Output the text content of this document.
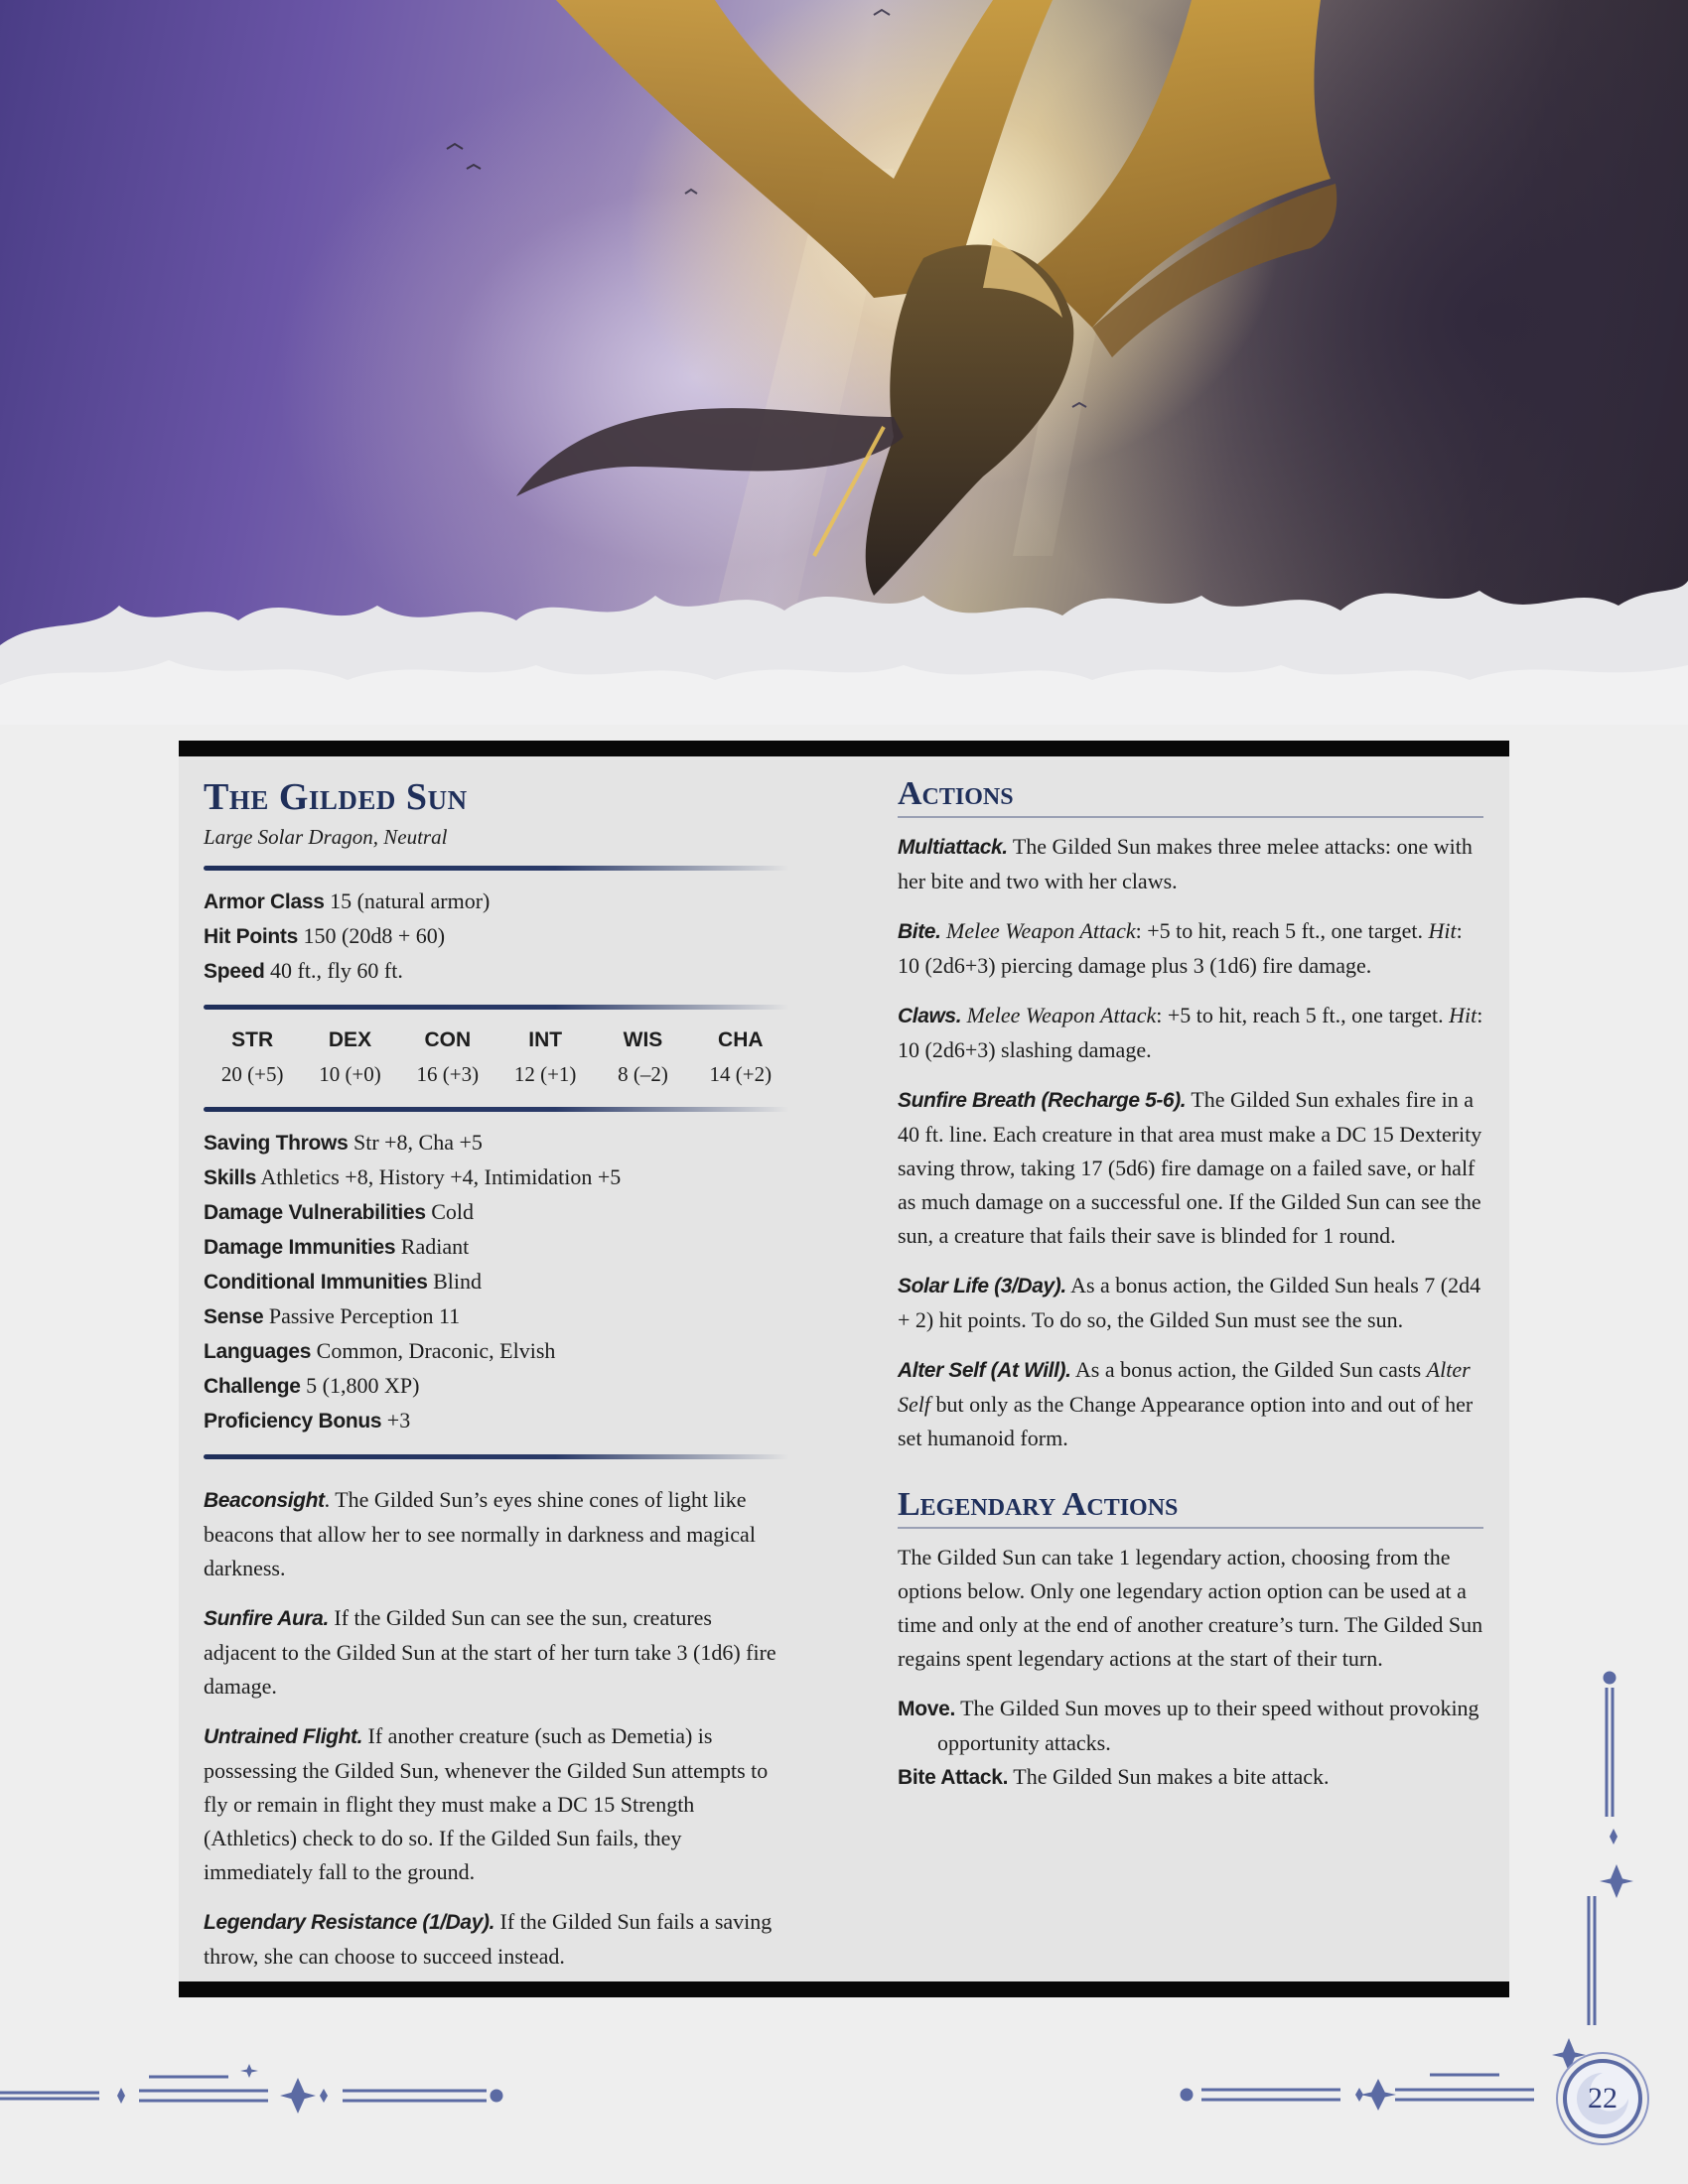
The Gilded Sun
Large Solar Dragon, Neutral
Armor Class 15 (natural armor)
Hit Points 150 (20d8 + 60)
Speed 40 ft., fly 60 ft.
STR
20 (+5)
DEX
10 (+0)
CON
16 (+3)
INT
12 (+1)
WIS
8 (–2)
CHA
14 (+2)
Saving Throws Str +8, Cha +5
Skills Athletics +8, History +4, Intimidation +5
Damage Vulnerabilities Cold
Damage Immunities Radiant
Conditional Immunities Blind
Sense Passive Perception 11
Languages Common, Draconic, Elvish
Challenge 5 (1,800 XP)
Proficiency Bonus +3
Beaconsight. The Gilded Sun’s eyes shine cones of light like beacons that allow her to see normally in darkness and magical darkness.
Sunfire Aura. If the Gilded Sun can see the sun, creatures adjacent to the Gilded Sun at the start of her turn take 3 (1d6) fire damage.
Untrained Flight. If another creature (such as Demetia) is possessing the Gilded Sun, whenever the Gilded Sun attempts to fly or remain in flight they must make a DC 15 Strength (Athletics) check to do so. If the Gilded Sun fails, they immediately fall to the ground.
Legendary Resistance (1/Day). If the Gilded Sun fails a saving throw, she can choose to succeed instead.
Actions
Multiattack. The Gilded Sun makes three melee attacks: one with her bite and two with her claws.
Bite. Melee Weapon Attack: +5 to hit, reach 5 ft., one target. Hit: 10 (2d6+3) piercing damage plus 3 (1d6) fire damage.
Claws. Melee Weapon Attack: +5 to hit, reach 5 ft., one target. Hit: 10 (2d6+3) slashing damage.
Sunfire Breath (Recharge 5-6). The Gilded Sun exhales fire in a 40 ft. line. Each creature in that area must make a DC 15 Dexterity saving throw, taking 17 (5d6) fire damage on a failed save, or half as much damage on a successful one. If the Gilded Sun can see the sun, a creature that fails their save is blinded for 1 round.
Solar Life (3/Day). As a bonus action, the Gilded Sun heals 7 (2d4 + 2) hit points. To do so, the Gilded Sun must see the sun.
Alter Self (At Will). As a bonus action, the Gilded Sun casts Alter Self but only as the Change Appearance option into and out of her set humanoid form.
Legendary Actions
The Gilded Sun can take 1 legendary action, choosing from the options below. Only one legendary action option can be used at a time and only at the end of another creature’s turn. The Gilded Sun regains spent legendary actions at the start of their turn.
Move. The Gilded Sun moves up to their speed without provoking opportunity attacks.
Bite Attack. The Gilded Sun makes a bite attack.
22
